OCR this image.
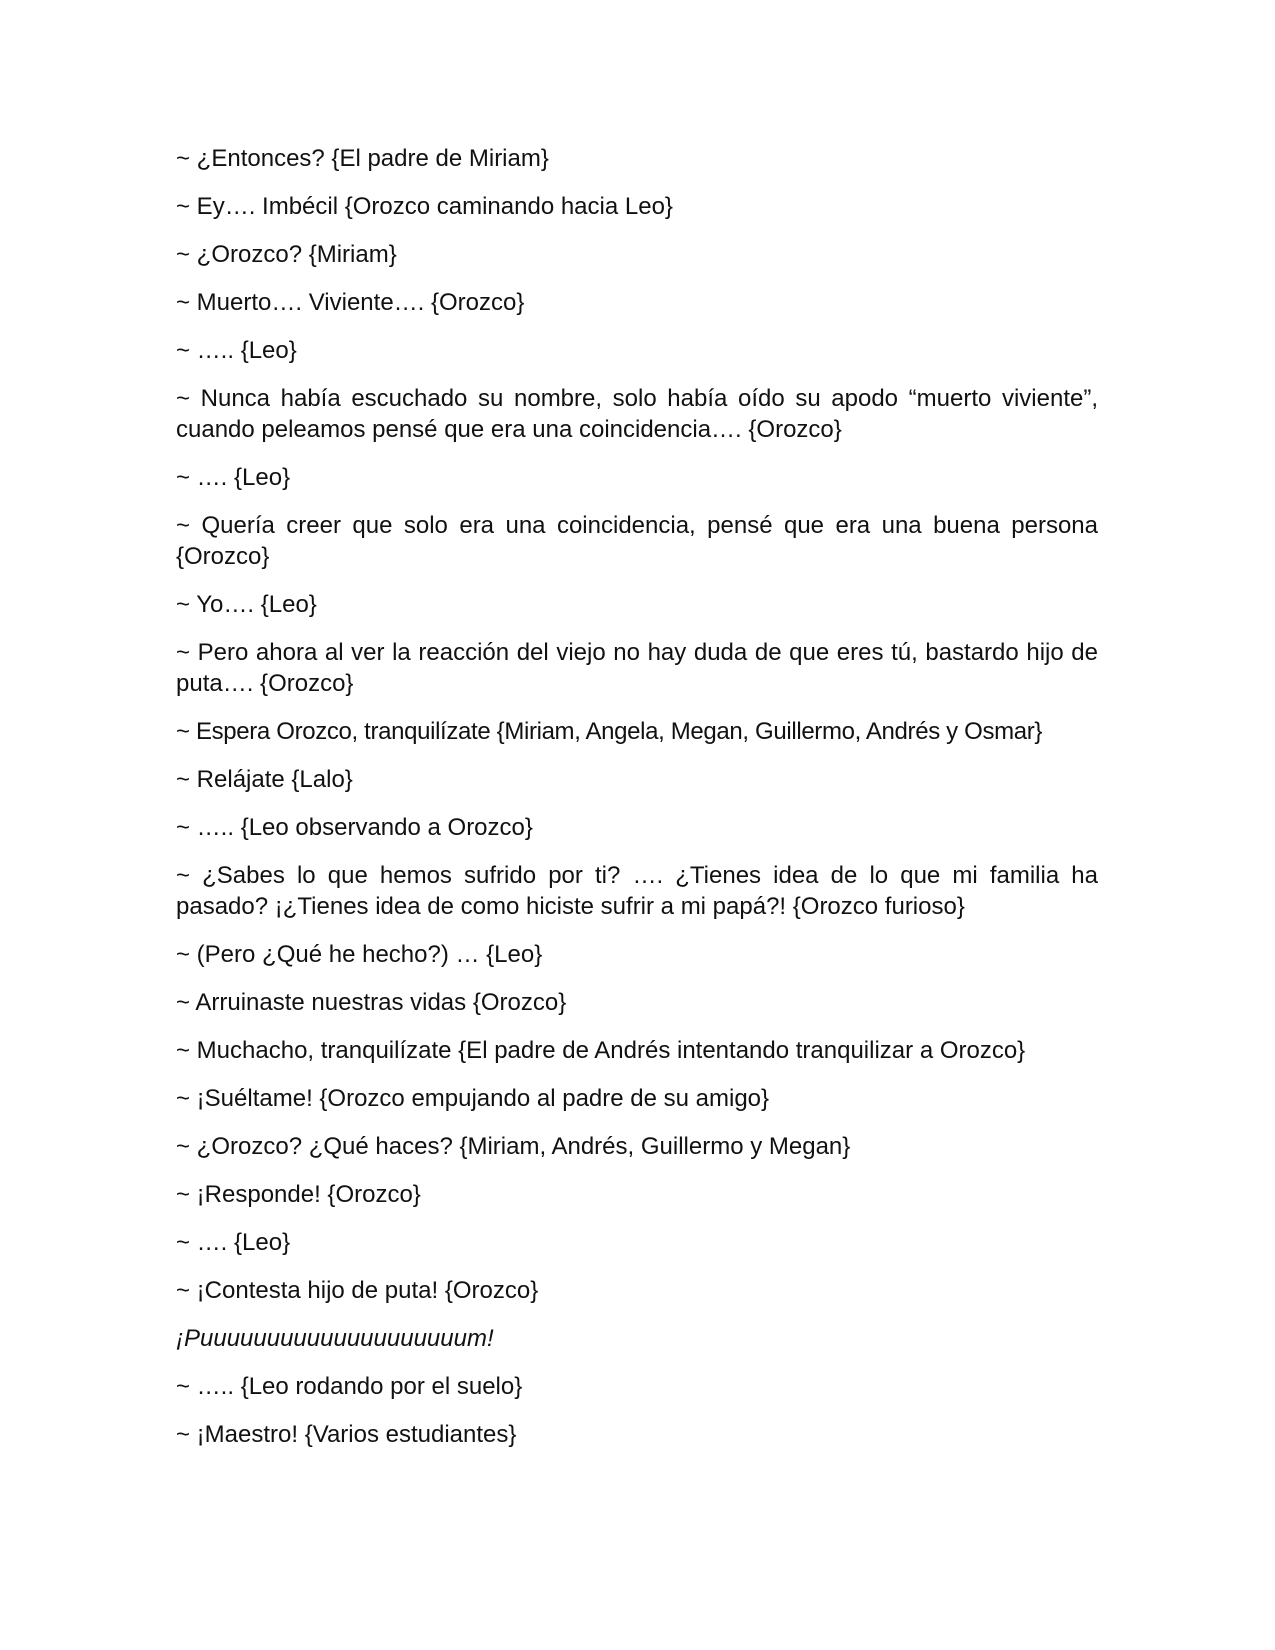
~ ¿Entonces? {El padre de Miriam}

~ Ey…. Imbécil {Orozco caminando hacia Leo}

~ ¿Orozco? {Miriam}

~ Muerto…. Viviente…. {Orozco}

~ ….. {Leo}

~ Nunca había escuchado su nombre, solo había oído su apodo “muerto viviente”, cuando peleamos pensé que era una coincidencia…. {Orozco}

~ …. {Leo}

~ Quería creer que solo era una coincidencia, pensé que era una buena persona {Orozco}

~ Yo…. {Leo}

~ Pero ahora al ver la reacción del viejo no hay duda de que eres tú, bastardo hijo de puta…. {Orozco}

~ Espera Orozco, tranquilízate {Miriam, Angela, Megan, Guillermo, Andrés y Osmar}

~ Relájate {Lalo}

~ ….. {Leo observando a Orozco}

~ ¿Sabes lo que hemos sufrido por ti? …. ¿Tienes idea de lo que mi familia ha pasado? ¡¿Tienes idea de como hiciste sufrir a mi papá?! {Orozco furioso}

~ (Pero ¿Qué he hecho?) … {Leo}

~ Arruinaste nuestras vidas {Orozco}

~ Muchacho, tranquilízate {El padre de Andrés intentando tranquilizar a Orozco}

~ ¡Suéltame! {Orozco empujando al padre de su amigo}

~ ¿Orozco? ¿Qué haces? {Miriam, Andrés, Guillermo y Megan}

~ ¡Responde! {Orozco}

~ …. {Leo}

~ ¡Contesta hijo de puta! {Orozco}

¡Puuuuuuuuuuuuuuuuuuuum!

~ ….. {Leo rodando por el suelo}

~ ¡Maestro! {Varios estudiantes}
